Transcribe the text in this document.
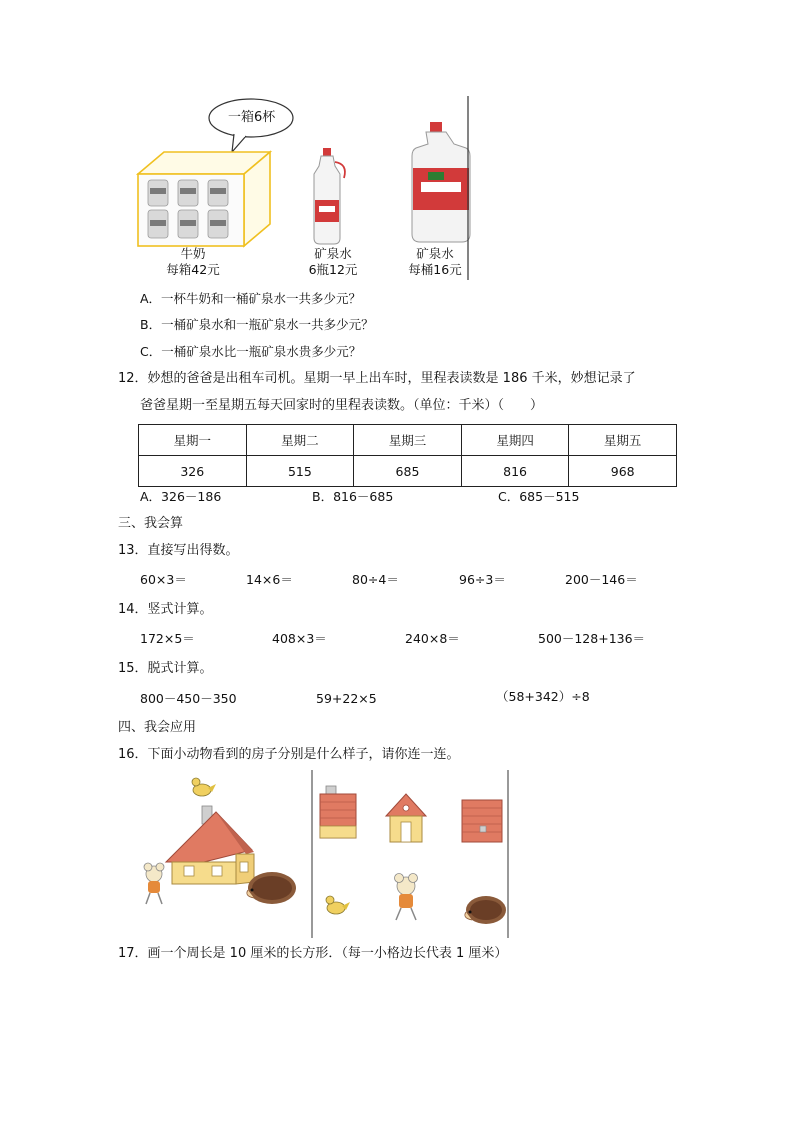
一箱6杯
牛奶
每箱42元
矿泉水
6瓶12元
矿泉水
每桶16元
A．一杯牛奶和一桶矿泉水一共多少元？
B．一桶矿泉水和一瓶矿泉水一共多少元？
C．一桶矿泉水比一瓶矿泉水贵多少元？
12．妙想的爸爸是出租车司机。星期一早上出车时，里程表读数是 186 千米，妙想记录了
爸爸星期一至星期五每天回家时的里程表读数。（单位：千米）（　　）
星期一	星期二	星期三	星期四	星期五
326	515	685	816	968
A．326－186	B．816－685	C．685－515
三、我会算
13．直接写出得数。
60×3＝	14×6＝	80÷4＝	96÷3＝	200－146＝
14．竖式计算。
172×5＝	408×3＝	240×8＝	500－128+136＝
15．脱式计算。
800－450－350	59+22×5	（58+342）÷8
四、我会应用
16．下面小动物看到的房子分别是什么样子，请你连一连。
17．画一个周长是 10 厘米的长方形．（每一小格边长代表 1 厘米）
